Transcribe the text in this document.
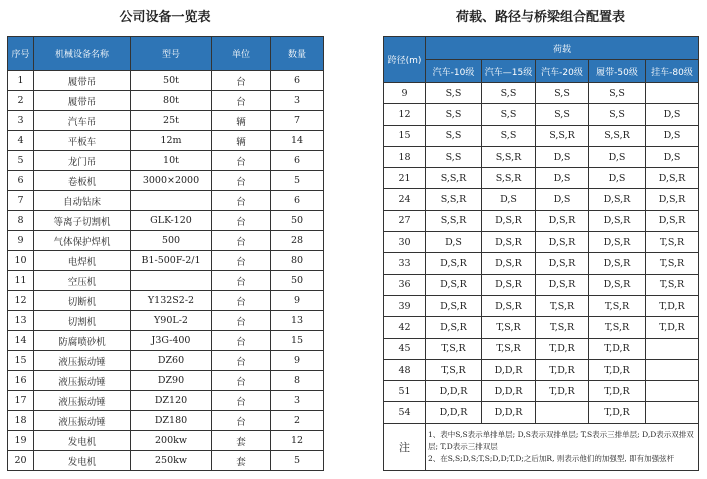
公司设备一览表
序号	机械设备名称	型号	单位	数量
1	履带吊	50t	台	6
2	履带吊	80t	台	3
3	汽车吊	25t	辆	7
4	平板车	12m	辆	14
5	龙门吊	10t	台	6
6	卷板机	3000×2000	台	5
7	自动钻床		台	6
8	等离子切割机	GLK-120	台	50
9	气体保护焊机	500	台	28
10	电焊机	B1-500F-2/1	台	80
11	空压机		台	50
12	切断机	Y132S2-2	台	9
13	切割机	Y90L-2	台	13
14	防腐喷砂机	J3G-400	台	15
15	液压振动锤	DZ60	台	9
16	液压振动锤	DZ90	台	8
17	液压振动锤	DZ120	台	3
18	液压振动锤	DZ180	台	2
19	发电机	200kw	套	12
20	发电机	250kw	套	5
荷载、路径与桥梁组合配置表
跨径(m)	荷载				
	汽车-10级	汽车—15级	汽车-20级	履带-50级	挂车-80级
9	S,S	S,S	S,S	S,S	
12	S,S	S,S	S,S	S,S	D,S
15	S,S	S,S	S,S,R	S,S,R	D,S
18	S,S	S,S,R	D,S	D,S	D,S
21	S,S,R	S,S,R	D,S	D,S	D,S,R
24	S,S,R	D,S	D,S	D,S,R	D,S,R
27	S,S,R	D,S,R	D,S,R	D,S,R	D,S,R
30	D,S	D,S,R	D,S,R	D,S,R	T,S,R
33	D,S,R	D,S,R	D,S,R	D,S,R	T,S,R
36	D,S,R	D,S,R	D,S,R	D,S,R	T,S,R
39	D,S,R	D,S,R	T,S,R	T,S,R	T,D,R
42	D,S,R	T,S,R	T,S,R	T,S,R	T,D,R
45	T,S,R	T,S,R	T,D,R	T,D,R	
48	T,S,R	D,D,R	T,D,R	T,D,R	
51	D,D,R	D,D,R	T,D,R	T,D,R	
54	D,D,R	D,D,R		T,D,R	
注	1、表中S,S表示单排单层; D,S表示双排单层; T,S表示三排单层; D,D表示双排双层; T,D表示三排双层
2、在S,S;D,S;T,S;D,D;T,D;之后加R, 则表示他们的加强型, 即有加强弦杆				
